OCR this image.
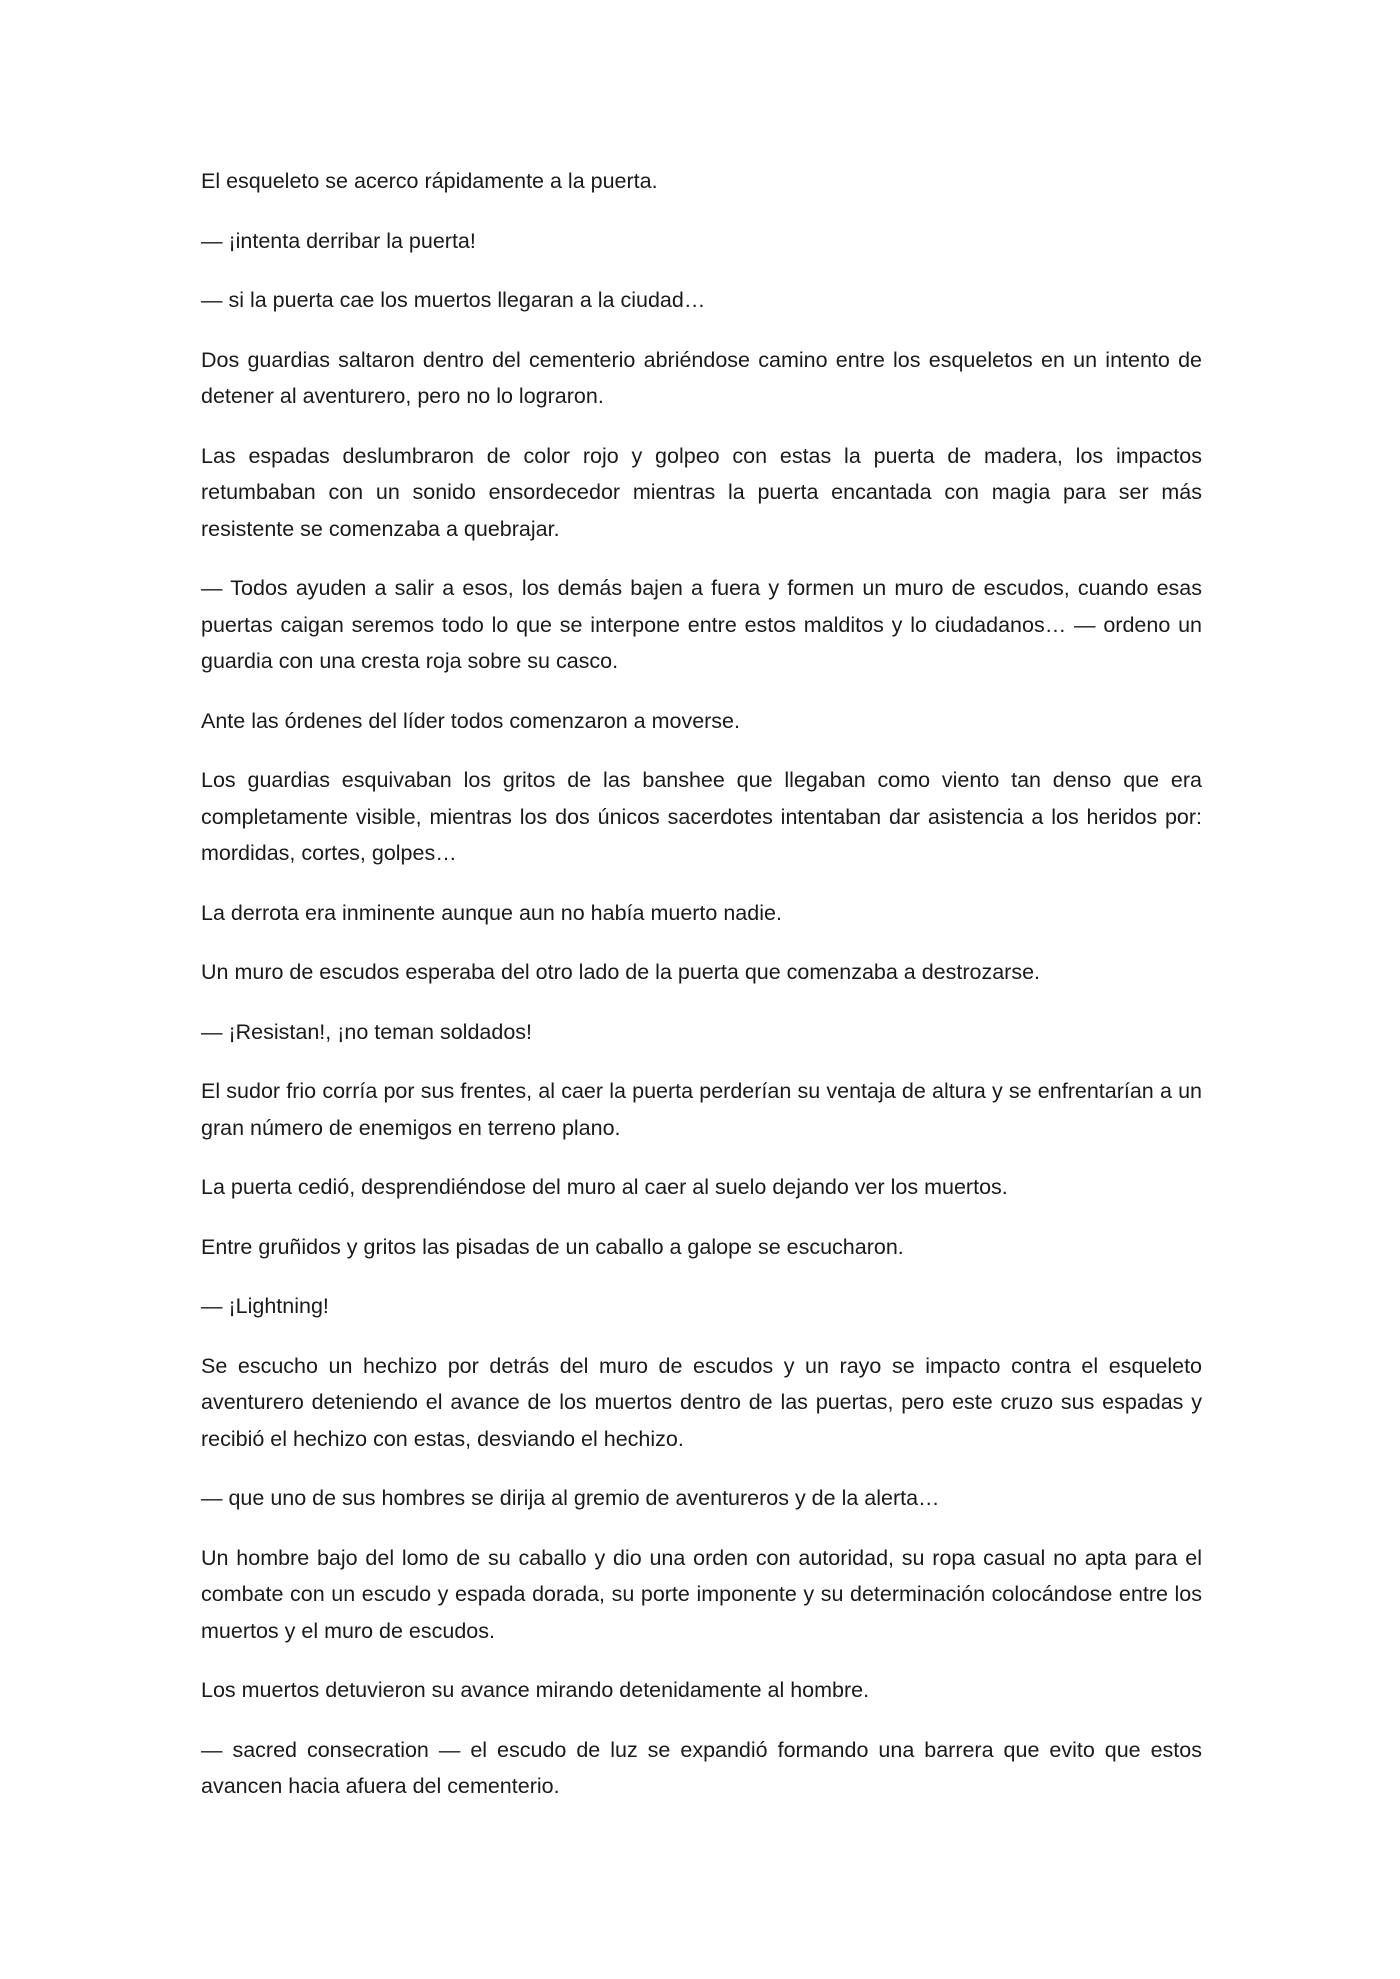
El esqueleto se acerco rápidamente a la puerta.

— ¡intenta derribar la puerta!

— si la puerta cae los muertos llegaran a la ciudad…

Dos guardias saltaron dentro del cementerio abriéndose camino entre los esqueletos en un intento de detener al aventurero, pero no lo lograron.

Las espadas deslumbraron de color rojo y golpeo con estas la puerta de madera, los impactos retumbaban con un sonido ensordecedor mientras la puerta encantada con magia para ser más resistente se comenzaba a quebrajar.

— Todos ayuden a salir a esos, los demás bajen a fuera y formen un muro de escudos, cuando esas puertas caigan seremos todo lo que se interpone entre estos malditos y lo ciudadanos… — ordeno un guardia con una cresta roja sobre su casco.

Ante las órdenes del líder todos comenzaron a moverse.

Los guardias esquivaban los gritos de las banshee que llegaban como viento tan denso que era completamente visible, mientras los dos únicos sacerdotes intentaban dar asistencia a los heridos por: mordidas, cortes, golpes…

La derrota era inminente aunque aun no había muerto nadie.

Un muro de escudos esperaba del otro lado de la puerta que comenzaba a destrozarse.

— ¡Resistan!, ¡no teman soldados!

El sudor frio corría por sus frentes, al caer la puerta perderían su ventaja de altura y se enfrentarían a un gran número de enemigos en terreno plano.

La puerta cedió, desprendiéndose del muro al caer al suelo dejando ver los muertos.

Entre gruñidos y gritos las pisadas de un caballo a galope se escucharon.

— ¡Lightning!

Se escucho un hechizo por detrás del muro de escudos y un rayo se impacto contra el esqueleto aventurero deteniendo el avance de los muertos dentro de las puertas, pero este cruzo sus espadas y recibió el hechizo con estas, desviando el hechizo.

— que uno de sus hombres se dirija al gremio de aventureros y de la alerta…

Un hombre bajo del lomo de su caballo y dio una orden con autoridad, su ropa casual no apta para el combate con un escudo y espada dorada, su porte imponente y su determinación colocándose entre los muertos y el muro de escudos.

Los muertos detuvieron su avance mirando detenidamente al hombre.

— sacred consecration — el escudo de luz se expandió formando una barrera que evito que estos avancen hacia afuera del cementerio.
